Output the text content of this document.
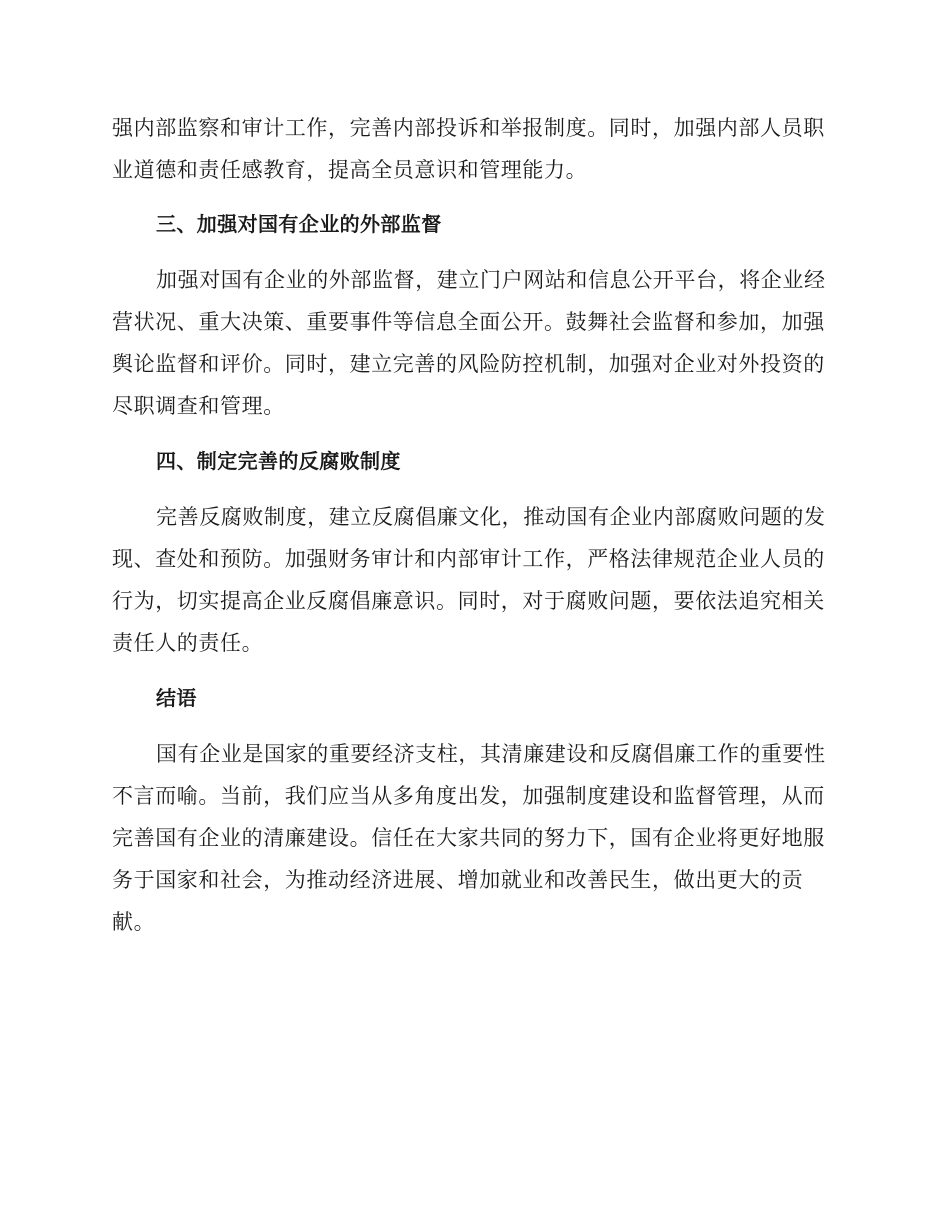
强内部监察和审计工作，完善内部投诉和举报制度。同时，加强内部人员职
业道德和责任感教育，提高全员意识和管理能力。
三、加强对国有企业的外部监督
加强对国有企业的外部监督，建立门户网站和信息公开平台，将企业经
营状况、重大决策、重要事件等信息全面公开。鼓舞社会监督和参加，加强
舆论监督和评价。同时，建立完善的风险防控机制，加强对企业对外投资的
尽职调查和管理。
四、制定完善的反腐败制度
完善反腐败制度，建立反腐倡廉文化，推动国有企业内部腐败问题的发
现、查处和预防。加强财务审计和内部审计工作，严格法律规范企业人员的
行为，切实提高企业反腐倡廉意识。同时，对于腐败问题，要依法追究相关
责任人的责任。
结语
国有企业是国家的重要经济支柱，其清廉建设和反腐倡廉工作的重要性
不言而喻。当前，我们应当从多角度出发，加强制度建设和监督管理，从而
完善国有企业的清廉建设。信任在大家共同的努力下，国有企业将更好地服
务于国家和社会，为推动经济进展、增加就业和改善民生，做出更大的贡
献。
